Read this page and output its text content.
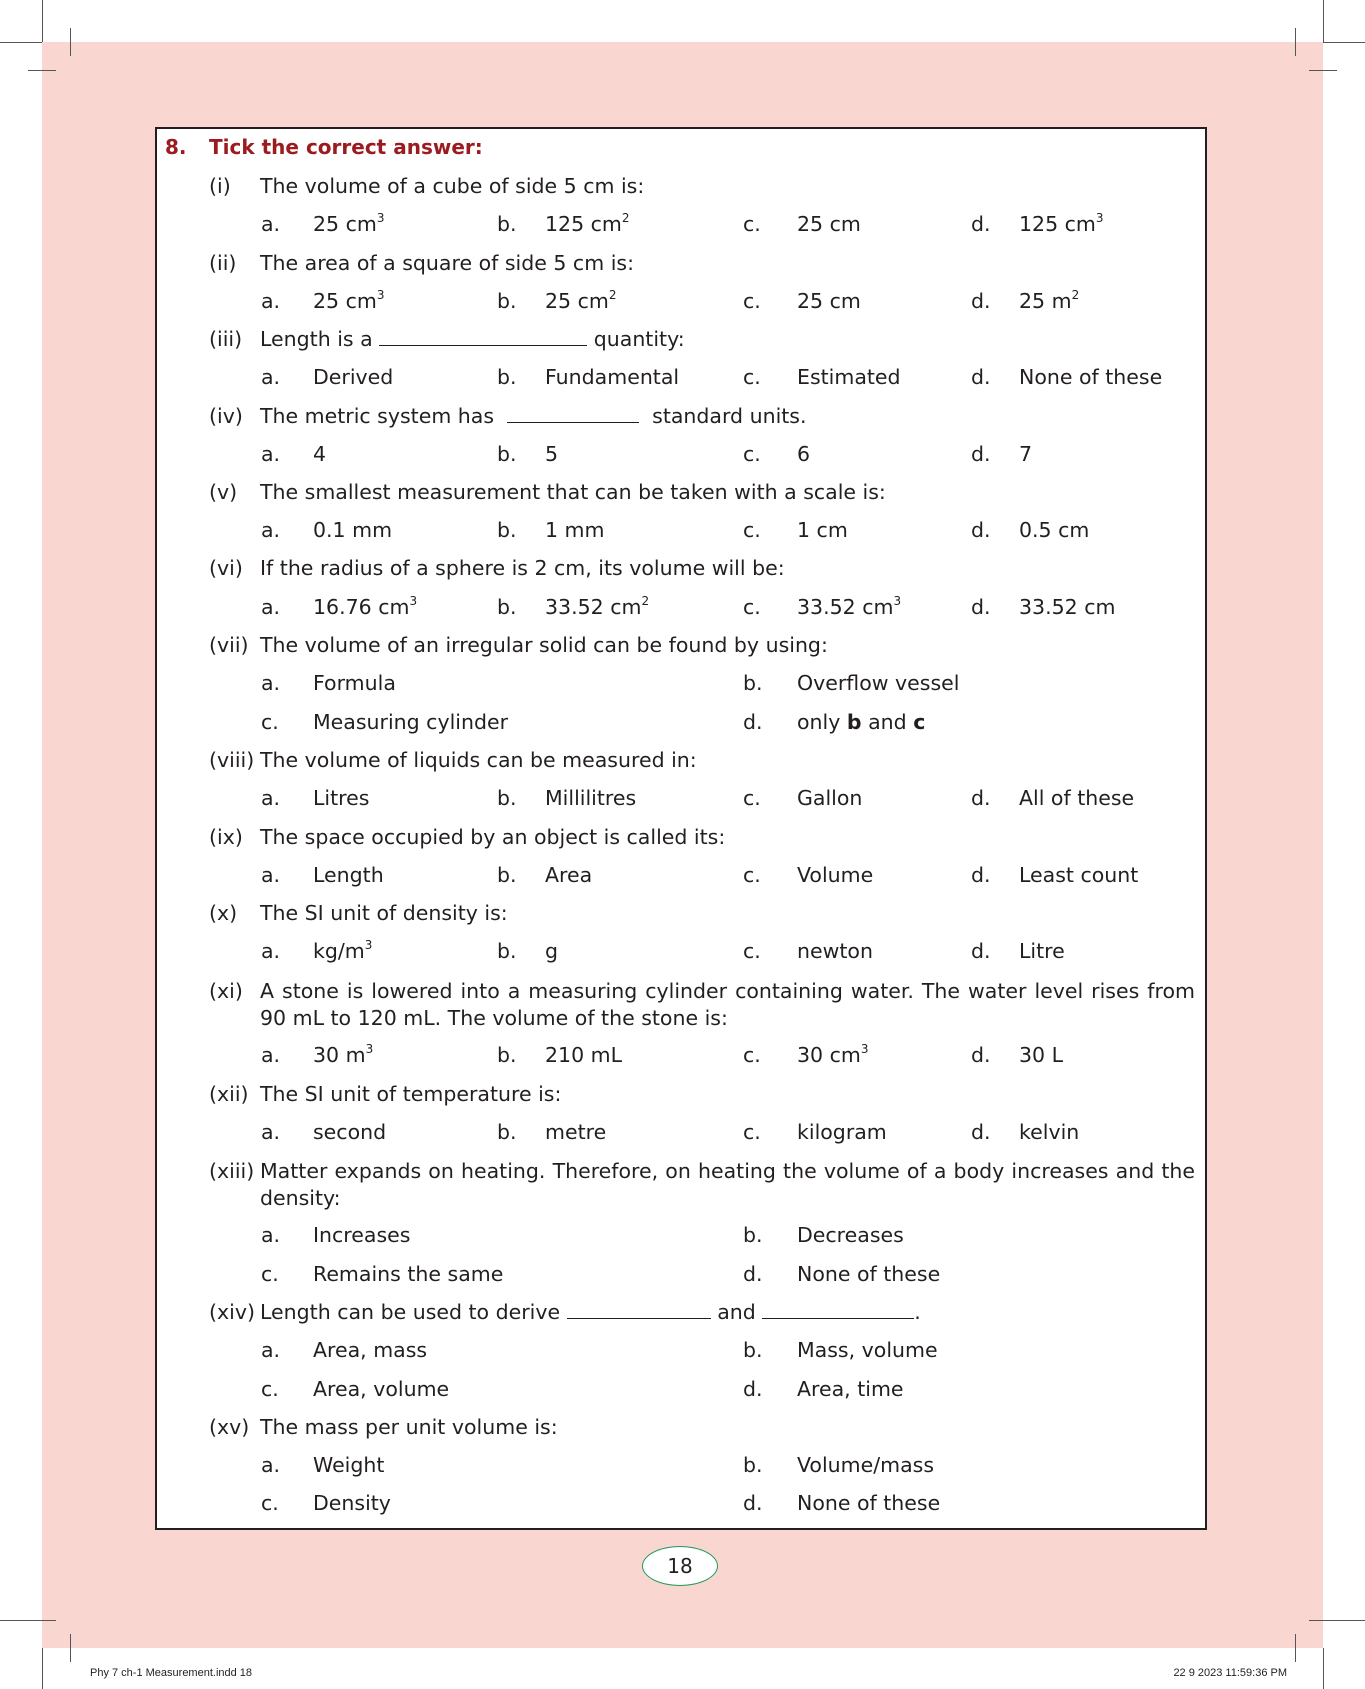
8. Tick the correct answer:
(i) The volume of a cube of side 5 cm is:
a. 25 $cm^3$	b. 125 $cm^2$	c. 25 cm	d. 125 $cm^3$
(ii) The area of a square of side 5 cm is:
a. 25 $cm^3$	b. 25 $cm^2$	c. 25 cm	d. 25 $m^2$
(iii) Length is a	quantity:
a. Derived	b. Fundamental	c. Estimated	d. None of these
(iv) The metric system has	standard units.
a. 4	b. 5	c. 6	d. 7
(v) The smallest measurement that can be taken with a scale is:
a. 0.1 mm	b. 1 mm	c. 1 cm	d. 0.5 cm
(vi) If the radius of a sphere is 2 cm, its volume will be:
a. 16.76 $cm^3$	b. 33.52 $cm^2$	c. 33.52 $cm^3$	d. 33.52 cm
(vii) The volume of an irregular solid can be found by using:
a. Formula	b. Overflow vessel
c. Measuring cylinder	d. only b and c
(viii) The volume of liquids can be measured in:
a. Litres	b. Millilitres	c. Gallon	d. All of these
(ix) The space occupied by an object is called its:
a. Length	b. Area	c. Volume	d. Least count
(x) The SI unit of density is:
a. $kg/m^3$	b. g	c. newton	d. Litre
(xi) A stone is lowered into a measuring cylinder containing water. The water level rises from 90 mL to 120 mL. The volume of the stone is:
a. 30 $m^3$	b. 210 mL	c. 30 $cm^3$	d. 30 L
(xii) The SI unit of temperature is:
a. second	b. metre	c. kilogram	d. kelvin
(xiii) Matter expands on heating. Therefore, on heating the volume of a body increases and the density:
a. Increases	b. Decreases
c. Remains the same	d. None of these
(xiv) Length can be used to derive	and	.
a. Area, mass	b. Mass, volume
c. Area, volume	d. Area, time
(xv) The mass per unit volume is:
a. Weight	b. Volume/mass
c. Density	d. None of these
18
Phy 7 ch-1 Measurement.indd 18	22 9 2023 11:59:36 PM
